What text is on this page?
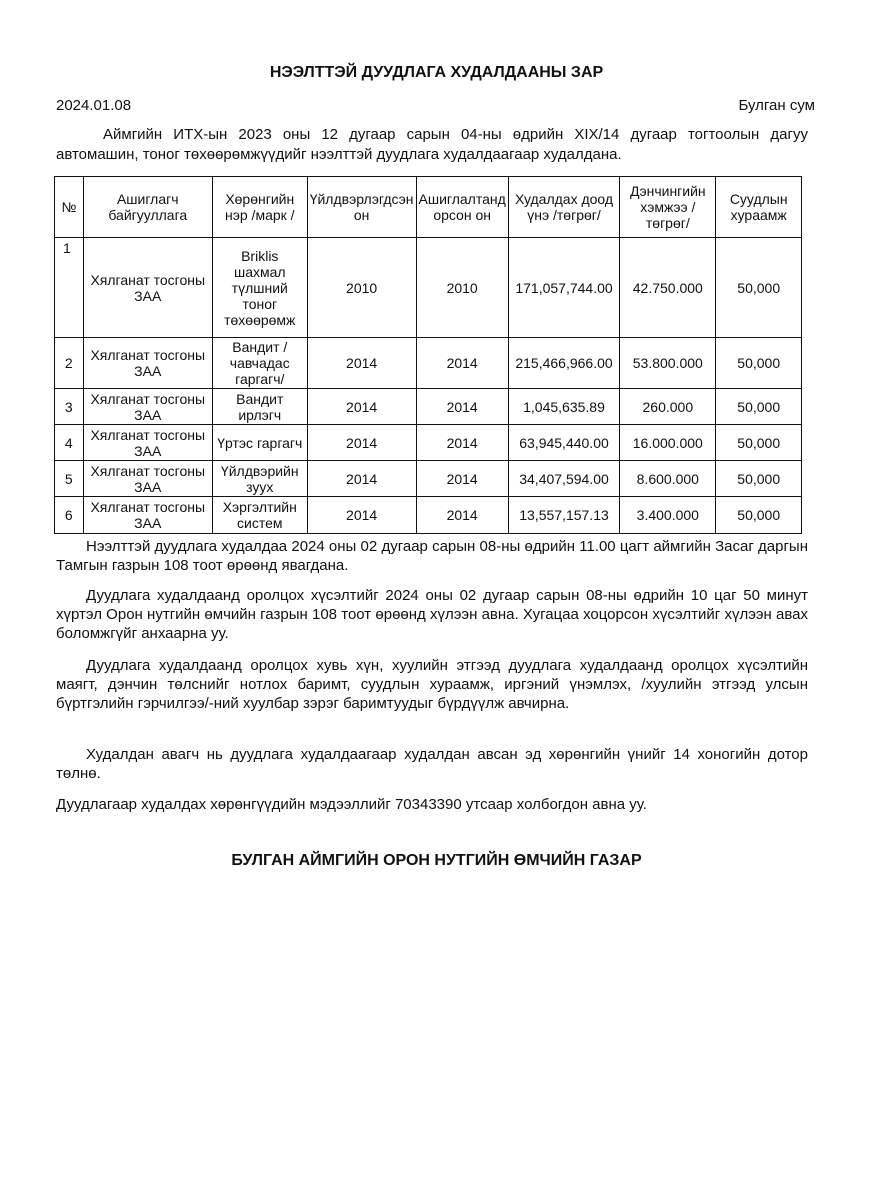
НЭЭЛТТЭЙ ДУУДЛАГА ХУДАЛДААНЫ ЗАР
2024.01.08	Булган сум

Аймгийн ИТХ-ын 2023 оны 12 дугаар сарын 04-ны өдрийн XIX/14 дугаар тогтоолын дагуу автомашин, тоног төхөөрөмжүүдийг нээлттэй дуудлага худалдаагаар худалдана.

№	Ашиглагч байгууллага	Хөрөнгийн нэр /марк /	Үйлдвэрлэгдсэн он	Ашиглалтанд орсон он	Худалдах доод үнэ /төгрөг/	Дэнчингийн хэмжээ /төгрөг/	Суудлын хураамж
1	Хялганат тосгоны ЗАА	Briklis шахмал түлшний тоног төхөөрөмж	2010	2010	171,057,744.00	42.750.000	50,000
2	Хялганат тосгоны ЗАА	Вандит /чавчадас гаргагч/	2014	2014	215,466,966.00	53.800.000	50,000
3	Хялганат тосгоны ЗАА	Вандит ирлэгч	2014	2014	1,045,635.89	260.000	50,000
4	Хялганат тосгоны ЗАА	Үртэс гаргагч	2014	2014	63,945,440.00	16.000.000	50,000
5	Хялганат тосгоны ЗАА	Үйлдвэрийн зуух	2014	2014	34,407,594.00	8.600.000	50,000
6	Хялганат тосгоны ЗАА	Хэргэлтийн систем	2014	2014	13,557,157.13	3.400.000	50,000

Нээлттэй дуудлага худалдаа 2024 оны 02 дугаар сарын 08-ны өдрийн 11.00 цагт аймгийн Засаг даргын Тамгын газрын 108 тоот өрөөнд явагдана.

Дуудлага худалдаанд оролцох хүсэлтийг 2024 оны 02 дугаар сарын 08-ны өдрийн 10 цаг 50 минут хүртэл Орон нутгийн өмчийн газрын 108 тоот өрөөнд хүлээн авна. Хугацаа хоцорсон хүсэлтийг хүлээн авах боломжгүйг анхаарна уу.

Дуудлага худалдаанд оролцох хувь хүн, хуулийн этгээд дуудлага худалдаанд оролцох хүсэлтийн маягт, дэнчин төлснийг нотлох баримт, суудлын хураамж, иргэний үнэмлэх, /хуулийн этгээд улсын бүртгэлийн гэрчилгээ/-ний хуулбар зэрэг баримтуудыг бүрдүүлж авчирна.

Худалдан авагч нь дуудлага худалдаагаар худалдан авсан эд хөрөнгийн үнийг 14 хоногийн дотор төлнө.

Дуудлагаар худалдах хөрөнгүүдийн мэдээллийг 70343390 утсаар холбогдон авна уу.

БУЛГАН АЙМГИЙН ОРОН НУТГИЙН ӨМЧИЙН ГАЗАР
